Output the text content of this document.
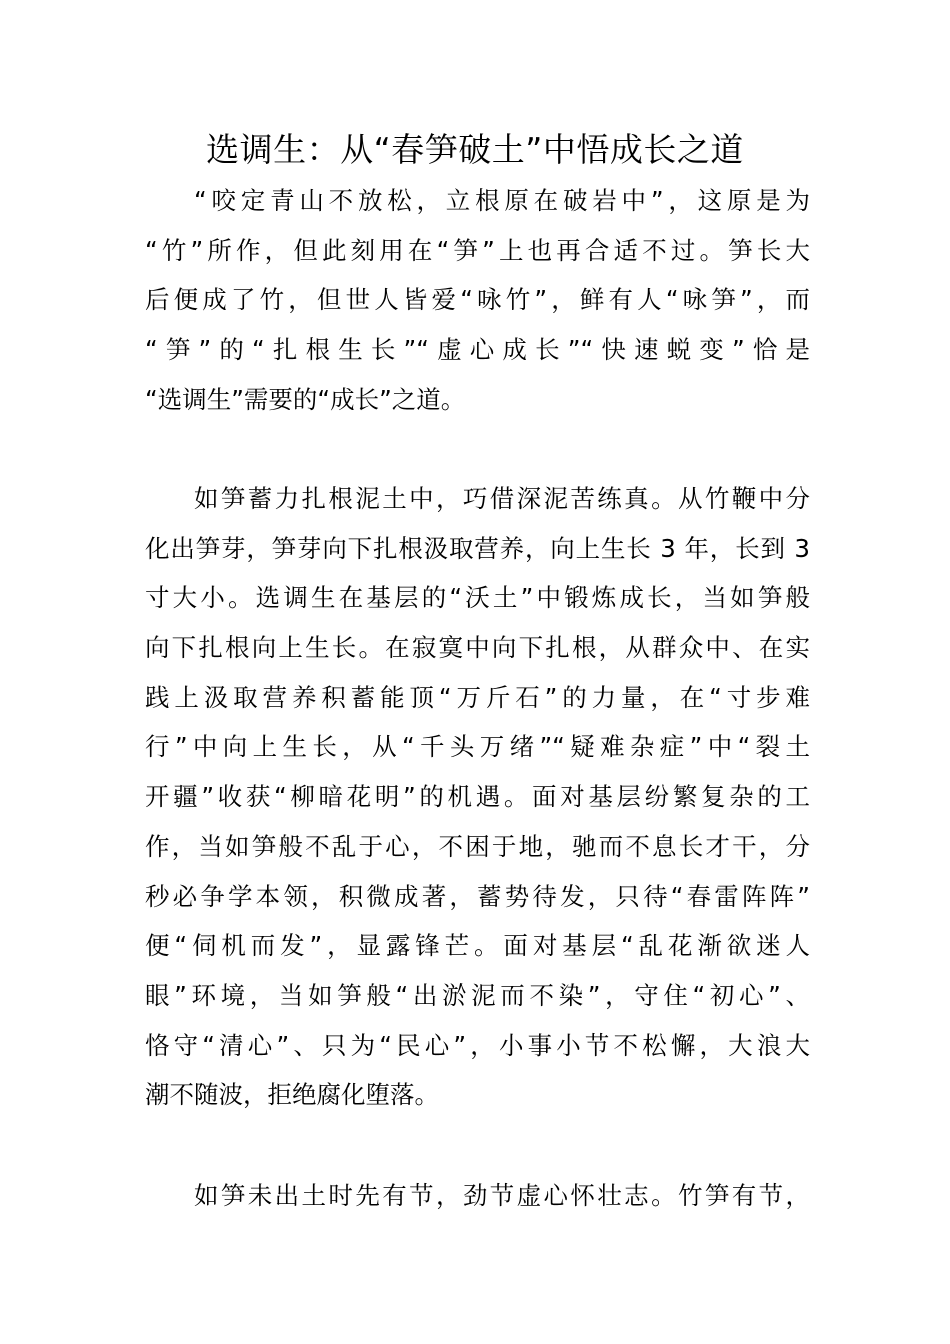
选调生：从“春笋破土”中悟成长之道
“咬定青山不放松，立根原在破岩中”，这原是为
“竹”所作，但此刻用在“笋”上也再合适不过。笋长大
后便成了竹，但世人皆爱“咏竹”，鲜有人“咏笋”，而
“笋”的“扎根生长”“虚心成长”“快速蜕变”恰是
“选调生”需要的“成长”之道。
如笋蓄力扎根泥土中，巧借深泥苦练真。从竹鞭中分
化出笋芽，笋芽向下扎根汲取营养，向上生长 3 年，长到 3
寸大小。选调生在基层的“沃土”中锻炼成长，当如笋般
向下扎根向上生长。在寂寞中向下扎根，从群众中、在实
践上汲取营养积蓄能顶“万斤石”的力量，在“寸步难
行”中向上生长，从“千头万绪”“疑难杂症”中“裂土
开疆”收获“柳暗花明”的机遇。面对基层纷繁复杂的工
作，当如笋般不乱于心，不困于地，驰而不息长才干，分
秒必争学本领，积微成著，蓄势待发，只待“春雷阵阵”
便“伺机而发”，显露锋芒。面对基层“乱花渐欲迷人
眼”环境，当如笋般“出淤泥而不染”，守住“初心”、
恪守“清心”、只为“民心”，小事小节不松懈，大浪大
潮不随波，拒绝腐化堕落。
如笋未出土时先有节，劲节虚心怀壮志。竹笋有节，
